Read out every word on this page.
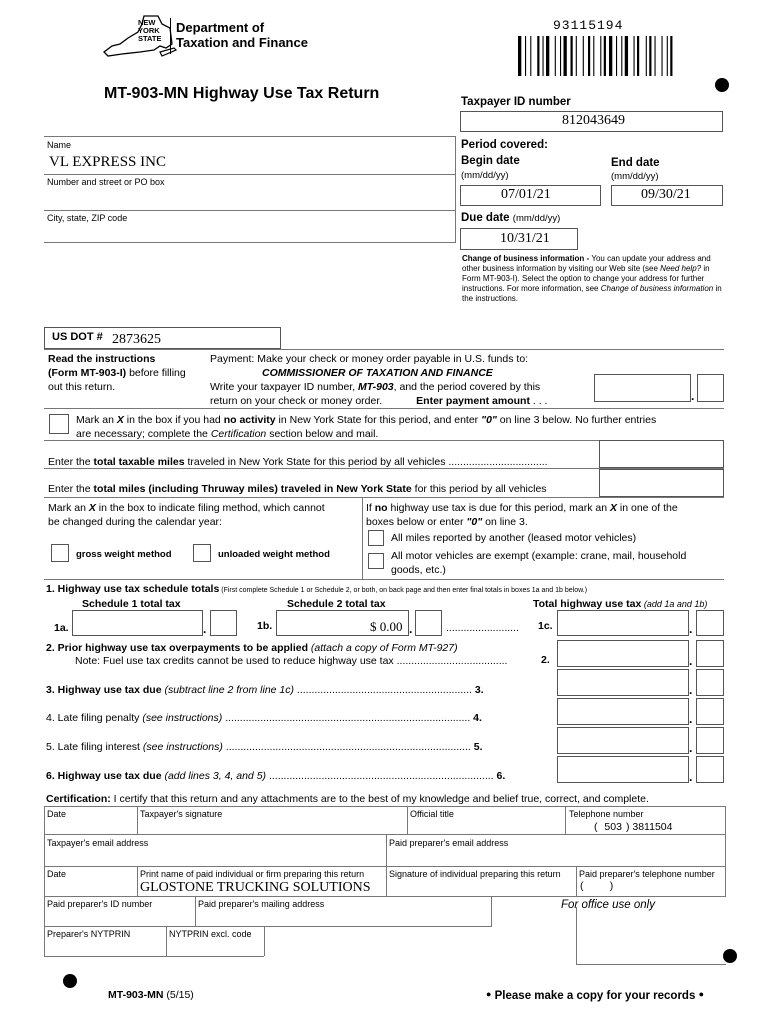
NEW
YORK
STATE
Department of
Taxation and Finance
93115194
MT-903-MN Highway Use Tax Return	Taxpayer ID number
812043649
Period covered:
Begin date
(mm/dd/yy)
07/01/21
End date
(mm/dd/yy)
09/30/21
Due date (mm/dd/yy)
10/31/21
Change of business information - You can update your address and other business information by visiting our Web site (see Need help? in Form MT-903-I). Select the option to change your address for further instructions. For more information, see Change of business information in the instructions.
Name
VL EXPRESS INC
Number and street or PO box
City, state, ZIP code
US DOT # 2873625
Read the instructions
(Form MT-903-I) before filling
out this return.
Payment: Make your check or money order payable in U.S. funds to:
COMMISSIONER OF TAXATION AND FINANCE
Write your taxpayer ID number, MT-903, and the period covered by this
return on your check or money order.	Enter payment amount . . .	.
Mark an X in the box if you had no activity in New York State for this period, and enter "0" on line 3 below. No further entries
are necessary; complete the Certification section below and mail.
Enter the total taxable miles traveled in New York State for this period by all vehicles ..................................
Enter the total miles (including Thruway miles) traveled in New York State for this period by all vehicles
Mark an X in the box to indicate filing method, which cannot
be changed during the calendar year:
gross weight method	unloaded weight method
If no highway use tax is due for this period, mark an X in one of the
boxes below or enter "0" on line 3.
All miles reported by another (leased motor vehicles)
All motor vehicles are exempt (example: crane, mail, household
goods, etc.)
1. Highway use tax schedule totals (First complete Schedule 1 or Schedule 2, or both, on back page and then enter final totals in boxes 1a and 1b below.)
Schedule 1 total tax	Schedule 2 total tax	Total highway use tax (add 1a and 1b)
1a.	.	1b.	$ 0.00 .	......................... 1c.	.
2. Prior highway use tax overpayments to be applied (attach a copy of Form MT-927)
Note: Fuel use tax credits cannot be used to reduce highway use tax ......................................	2.
3. Highway use tax due (subtract line 2 from line 1c) ............................................................ 3.
4. Late filing penalty (see instructions) .................................................................................... 4.
5. Late filing interest (see instructions) .................................................................................... 5.
6. Highway use tax due (add lines 3, 4, and 5) ............................................................................. 6.
.
.
.
.
.
Certification: I certify that this return and any attachments are to the best of my knowledge and belief true, correct, and complete.
Date	Taxpayer's signature	Official title	Telephone number
( 503 ) 3811504
Taxpayer's email address	Paid preparer's email address
Date	Print name of paid individual or firm preparing this return
GLOSTONE TRUCKING SOLUTIONS
Signature of individual preparing this return Paid preparer's telephone number
(         )
Paid preparer's ID number	Paid preparer's mailing address	For office use only
Preparer's NYTPRIN	NYTPRIN excl. code
MT-903-MN (5/15)	● Please make a copy for your records ●
